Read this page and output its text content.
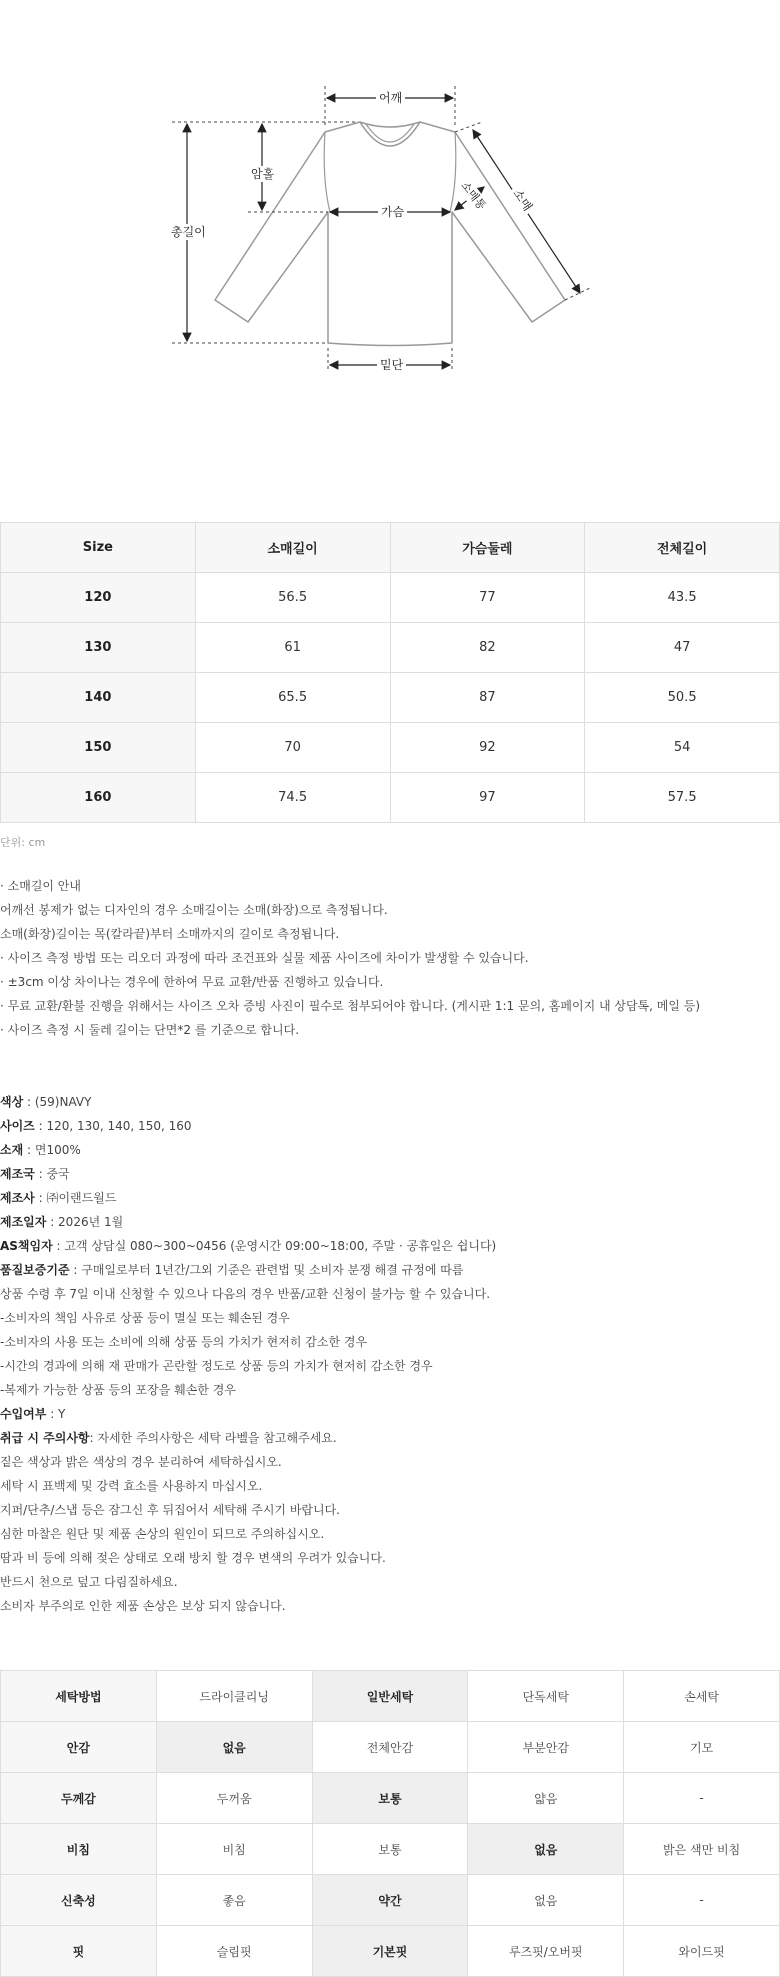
어깨
암홀
총길이
가슴	소매통 소매
밑단
Size	소매길이	가슴둘레	전체길이
120	56.5	77	43.5
130	61	82	47
140	65.5	87	50.5
150	70	92	54
160	74.5	97	57.5
단위: cm
· 소매길이 안내
어깨선 봉제가 없는 디자인의 경우 소매길이는 소매(화장)으로 측정됩니다.
소매(화장)길이는 목(칼라끝)부터 소매까지의 길이로 측정됩니다.
· 사이즈 측정 방법 또는 리오더 과정에 따라 조건표와 실물 제품 사이즈에 차이가 발생할 수 있습니다.
· ±3cm 이상 차이나는 경우에 한하여 무료 교환/반품 진행하고 있습니다.
· 무료 교환/환불 진행을 위해서는 사이즈 오차 증빙 사진이 필수로 첨부되어야 합니다. (게시판 1:1 문의, 홈페이지 내 상담톡, 메일 등)
· 사이즈 측정 시 둘레 길이는 단면*2 를 기준으로 합니다.
색상 : (59)NAVY
사이즈 : 120, 130, 140, 150, 160
소재 : 면100%
제조국 : 중국
제조사 : ㈜이랜드월드
제조일자 : 2026년 1월
AS책임자 : 고객 상담실 080~300~0456 (운영시간 09:00~18:00, 주말 · 공휴일은 쉽니다)
품질보증기준 : 구매일로부터 1년간/그외 기준은 관련법 및 소비자 분쟁 해결 규정에 따름
상품 수령 후 7일 이내 신청할 수 있으나 다음의 경우 반품/교환 신청이 불가능 할 수 있습니다.
-소비자의 책임 사유로 상품 등이 멸실 또는 훼손된 경우
-소비자의 사용 또는 소비에 의해 상품 등의 가치가 현저히 감소한 경우
-시간의 경과에 의해 재 판매가 곤란할 정도로 상품 등의 가치가 현저히 감소한 경우
-복제가 가능한 상품 등의 포장을 훼손한 경우
수입여부 : Y
취급 시 주의사항: 자세한 주의사항은 세탁 라벨을 참고해주세요.
짙은 색상과 밝은 색상의 경우 분리하여 세탁하십시오.
세탁 시 표백제 및 강력 효소를 사용하지 마십시오.
지퍼/단추/스냅 등은 잠그신 후 뒤집어서 세탁해 주시기 바랍니다.
심한 마찰은 원단 및 제품 손상의 원인이 되므로 주의하십시오.
땀과 비 등에 의해 젖은 상태로 오래 방치 할 경우 변색의 우려가 있습니다.
반드시 천으로 덮고 다림질하세요.
소비자 부주의로 인한 제품 손상은 보상 되지 않습니다.
세탁방법	드라이클리닝	일반세탁	단독세탁	손세탁
안감	없음	전체안감	부분안감	기모
두께감	두꺼움	보통	얇음	-
비침	비침	보통	없음	밝은 색만 비침
신축성	좋음	약간	없음	-
핏	슬림핏	기본핏	루즈핏/오버핏	와이드핏
